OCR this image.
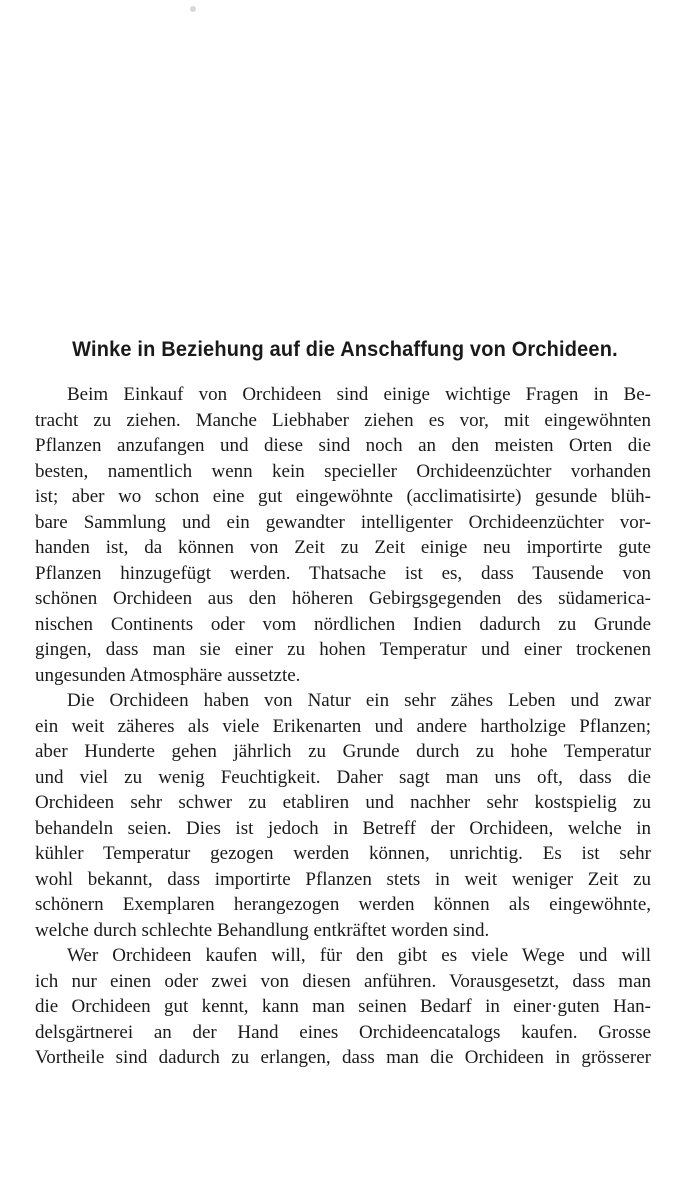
Winke in Beziehung auf die Anschaffung von Orchideen.

Beim Einkauf von Orchideen sind einige wichtige Fragen in Be-
tracht zu ziehen. Manche Liebhaber ziehen es vor, mit eingewöhnten
Pflanzen anzufangen und diese sind noch an den meisten Orten die
besten, namentlich wenn kein specieller Orchideenzüchter vorhanden
ist; aber wo schon eine gut eingewöhnte (acclimatisirte) gesunde blüh-
bare Sammlung und ein gewandter intelligenter Orchideenzüchter vor-
handen ist, da können von Zeit zu Zeit einige neu importirte gute
Pflanzen hinzugefügt werden. Thatsache ist es, dass Tausende von
schönen Orchideen aus den höheren Gebirgsgegenden des südamerica-
nischen Continents oder vom nördlichen Indien dadurch zu Grunde
gingen, dass man sie einer zu hohen Temperatur und einer trockenen
ungesunden Atmosphäre aussetzte.

Die Orchideen haben von Natur ein sehr zähes Leben und zwar
ein weit zäheres als viele Erikenarten und andere hartholzige Pflanzen;
aber Hunderte gehen jährlich zu Grunde durch zu hohe Temperatur
und viel zu wenig Feuchtigkeit. Daher sagt man uns oft, dass die
Orchideen sehr schwer zu etabliren und nachher sehr kostspielig zu
behandeln seien. Dies ist jedoch in Betreff der Orchideen, welche in
kühler Temperatur gezogen werden können, unrichtig. Es ist sehr
wohl bekannt, dass importirte Pflanzen stets in weit weniger Zeit zu
schönern Exemplaren herangezogen werden können als eingewöhnte,
welche durch schlechte Behandlung entkräftet worden sind.

Wer Orchideen kaufen will, für den gibt es viele Wege und will
ich nur einen oder zwei von diesen anführen. Vorausgesetzt, dass man
die Orchideen gut kennt, kann man seinen Bedarf in einer·guten Han-
delsgärtnerei an der Hand eines Orchideencatalogs kaufen. Grosse
Vortheile sind dadurch zu erlangen, dass man die Orchideen in grösserer
